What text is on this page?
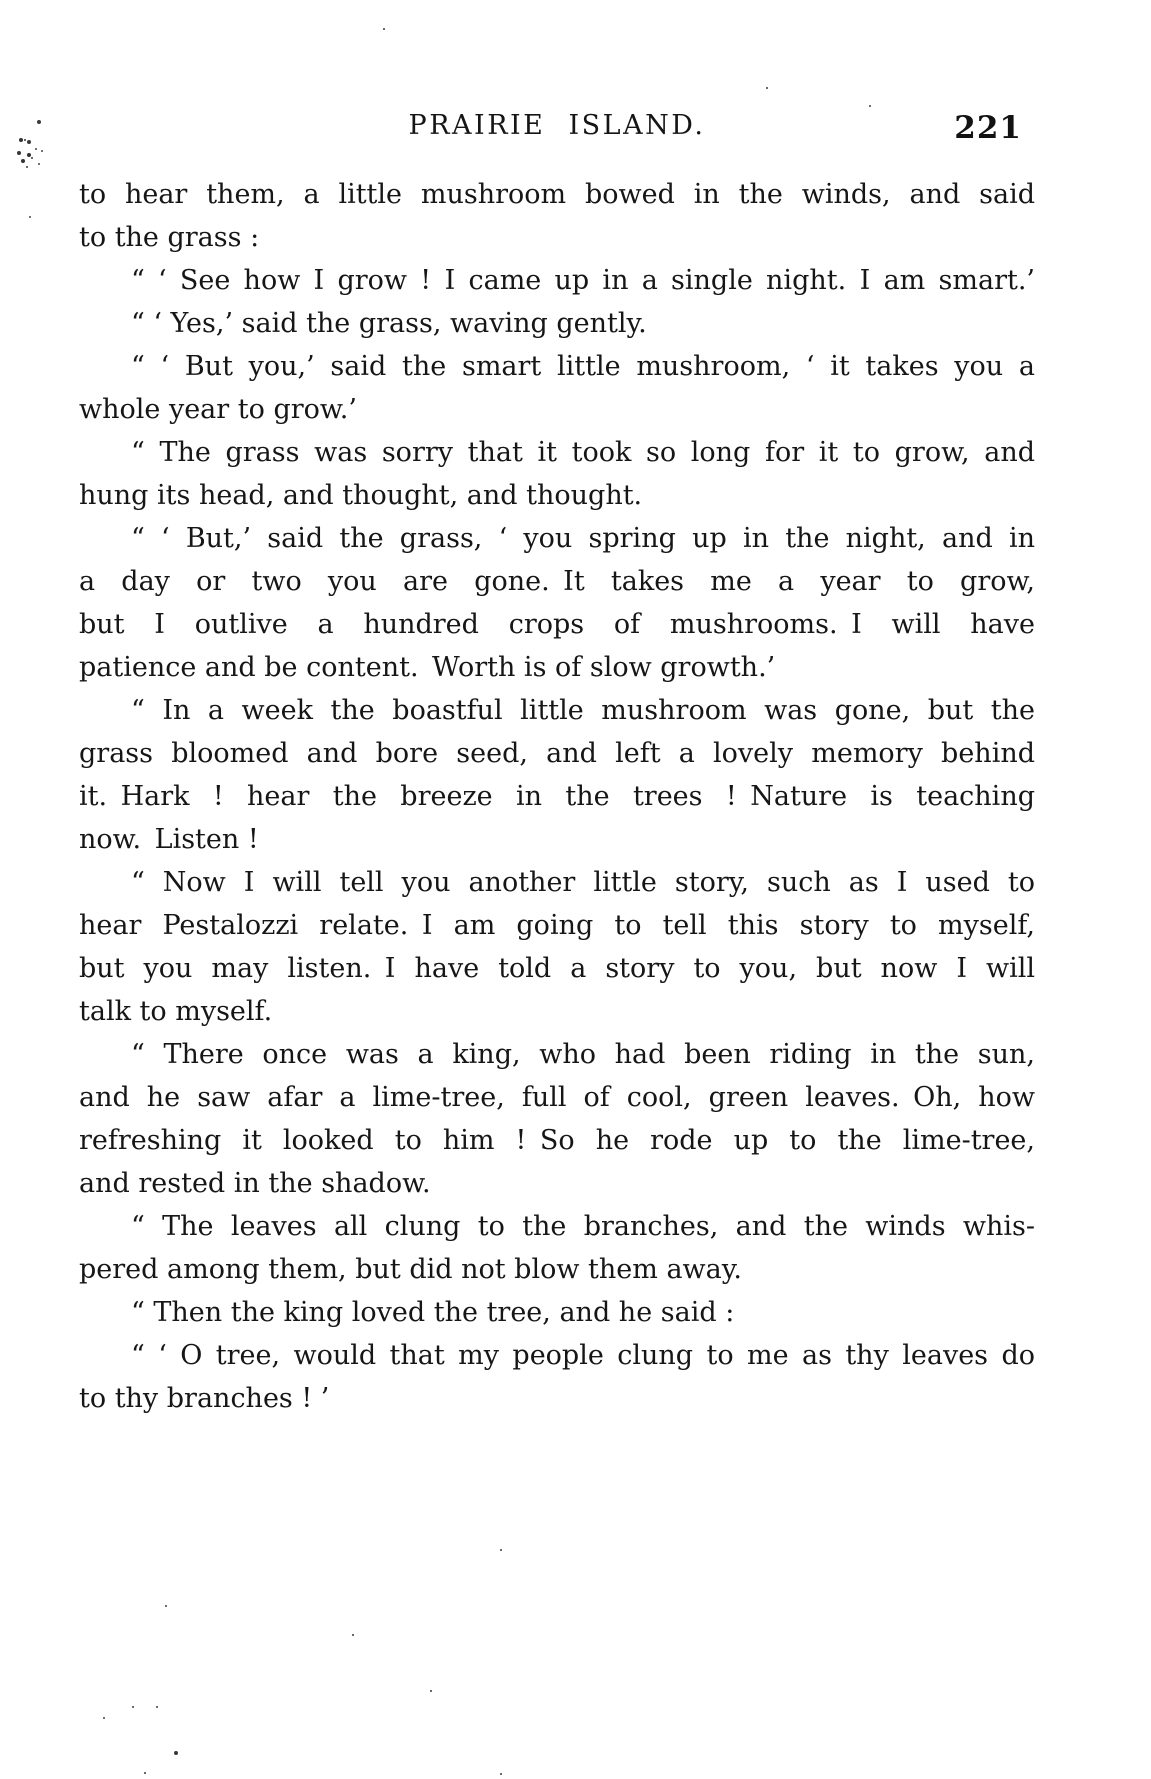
PRAIRIE ISLAND.	221
to hear them, a little mushroom bowed in the winds, and said
to the grass :
“ ‘ See how I grow ! I came up in a single night. I am smart.’
“ ‘ Yes,’ said the grass, waving gently.
“ ‘ But you,’ said the smart little mushroom, ‘ it takes you a
whole year to grow.’
“ The grass was sorry that it took so long for it to grow, and
hung its head, and thought, and thought.
“ ‘ But,’ said the grass, ‘ you spring up in the night, and in
a day or two you are gone. It takes me a year to grow,
but I outlive a hundred crops of mushrooms. I will have
patience and be content. Worth is of slow growth.’
“ In a week the boastful little mushroom was gone, but the
grass bloomed and bore seed, and left a lovely memory behind
it. Hark ! hear the breeze in the trees ! Nature is teaching
now. Listen !
“ Now I will tell you another little story, such as I used to
hear Pestalozzi relate. I am going to tell this story to myself,
but you may listen. I have told a story to you, but now I will
talk to myself.
“ There once was a king, who had been riding in the sun,
and he saw afar a lime-tree, full of cool, green leaves. Oh, how
refreshing it looked to him ! So he rode up to the lime-tree,
and rested in the shadow.
“ The leaves all clung to the branches, and the winds whis-
pered among them, but did not blow them away.
“ Then the king loved the tree, and he said :
“ ‘ O tree, would that my people clung to me as thy leaves do
to thy branches ! ’
